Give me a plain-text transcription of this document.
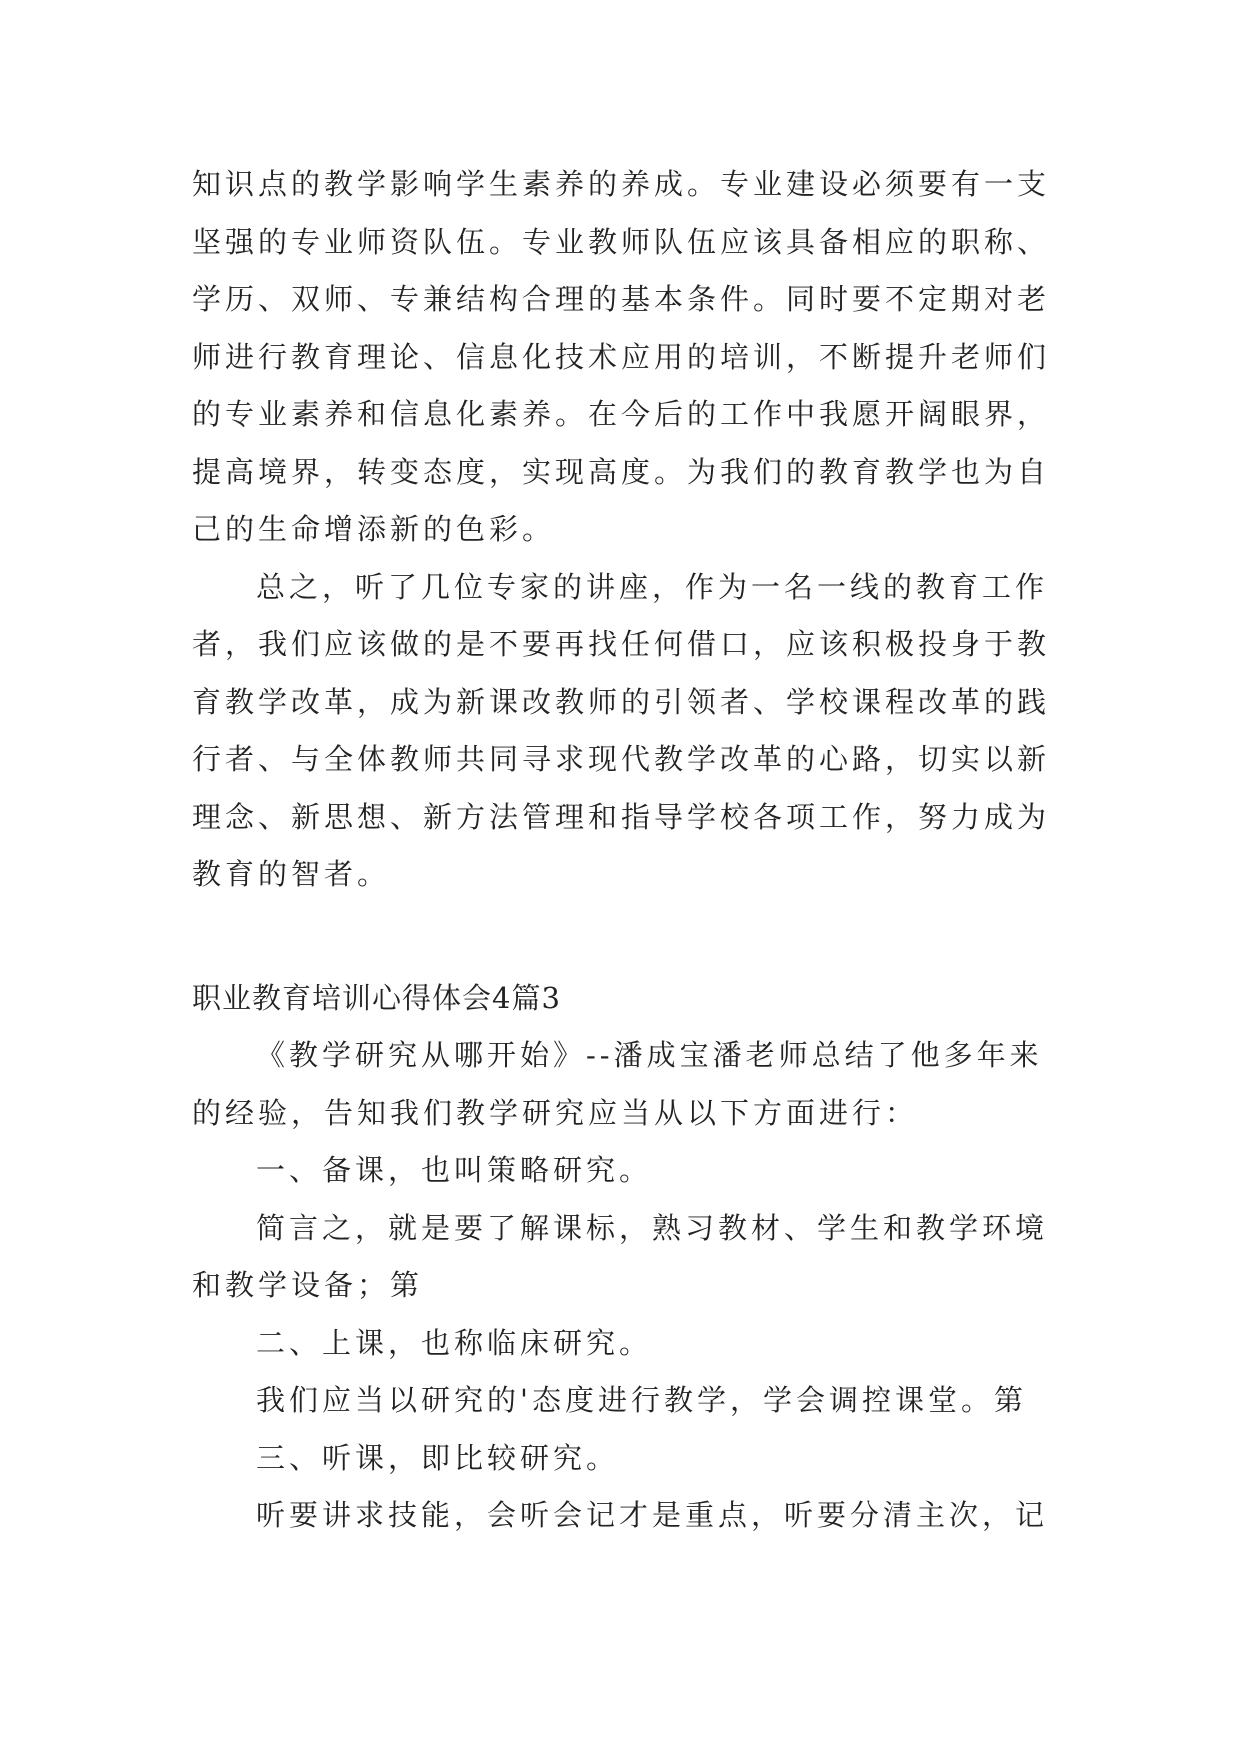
知识点的教学影响学生素养的养成。专业建设必须要有一支
坚强的专业师资队伍。专业教师队伍应该具备相应的职称、
学历、双师、专兼结构合理的基本条件。同时要不定期对老
师进行教育理论、信息化技术应用的培训，不断提升老师们
的专业素养和信息化素养。在今后的工作中我愿开阔眼界，
提高境界，转变态度，实现高度。为我们的教育教学也为自
己的生命增添新的色彩。
总之，听了几位专家的讲座，作为一名一线的教育工作
者，我们应该做的是不要再找任何借口，应该积极投身于教
育教学改革，成为新课改教师的引领者、学校课程改革的践
行者、与全体教师共同寻求现代教学改革的心路，切实以新
理念、新思想、新方法管理和指导学校各项工作，努力成为
教育的智者。
职业教育培训心得体会4篇3
《教学研究从哪开始》--潘成宝潘老师总结了他多年来
的经验，告知我们教学研究应当从以下方面进行：
一、备课，也叫策略研究。
简言之，就是要了解课标，熟习教材、学生和教学环境
和教学设备；第
二、上课，也称临床研究。
我们应当以研究的'态度进行教学，学会调控课堂。第
三、听课，即比较研究。
听要讲求技能，会听会记才是重点，听要分清主次，记
